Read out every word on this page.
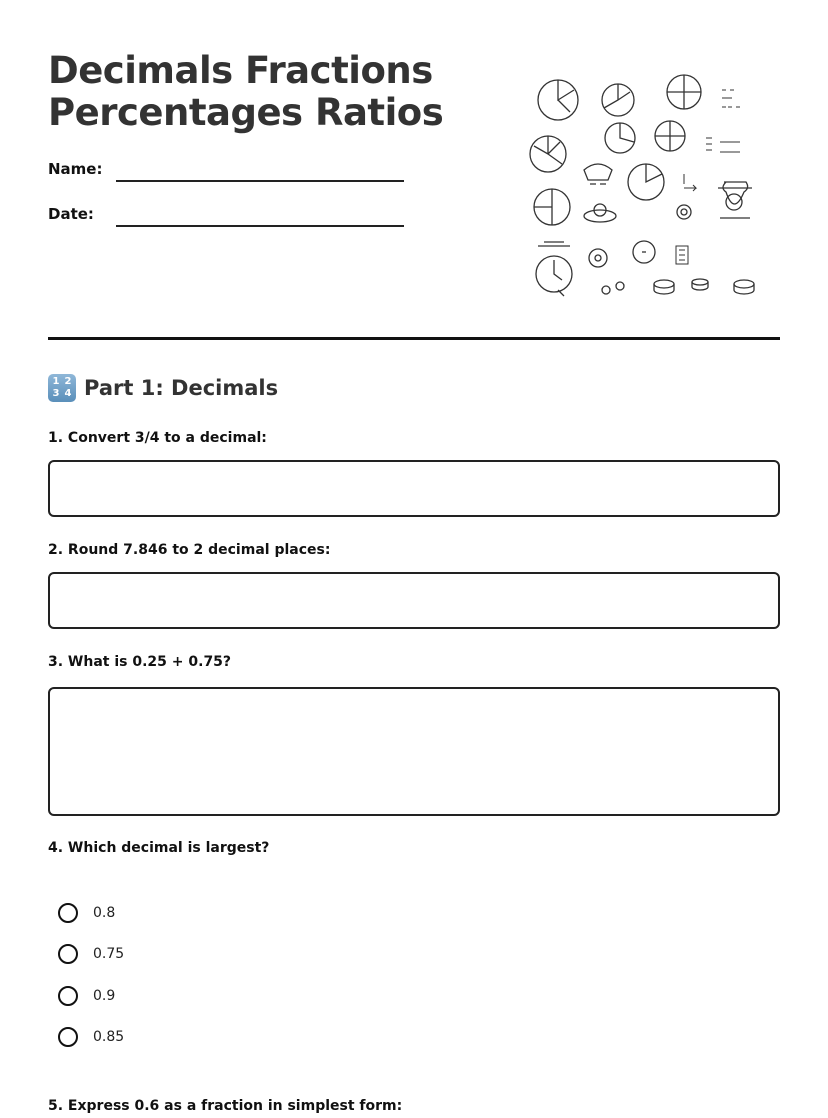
Decimals Fractions
Percentages Ratios
Name:
Date:
1 2
3 4 Part 1: Decimals
1. Convert 3/4 to a decimal:
2. Round 7.846 to 2 decimal places:
3. What is 0.25 + 0.75?
4. Which decimal is largest?
0.8
0.75
0.9
0.85
5. Express 0.6 as a fraction in simplest form:
